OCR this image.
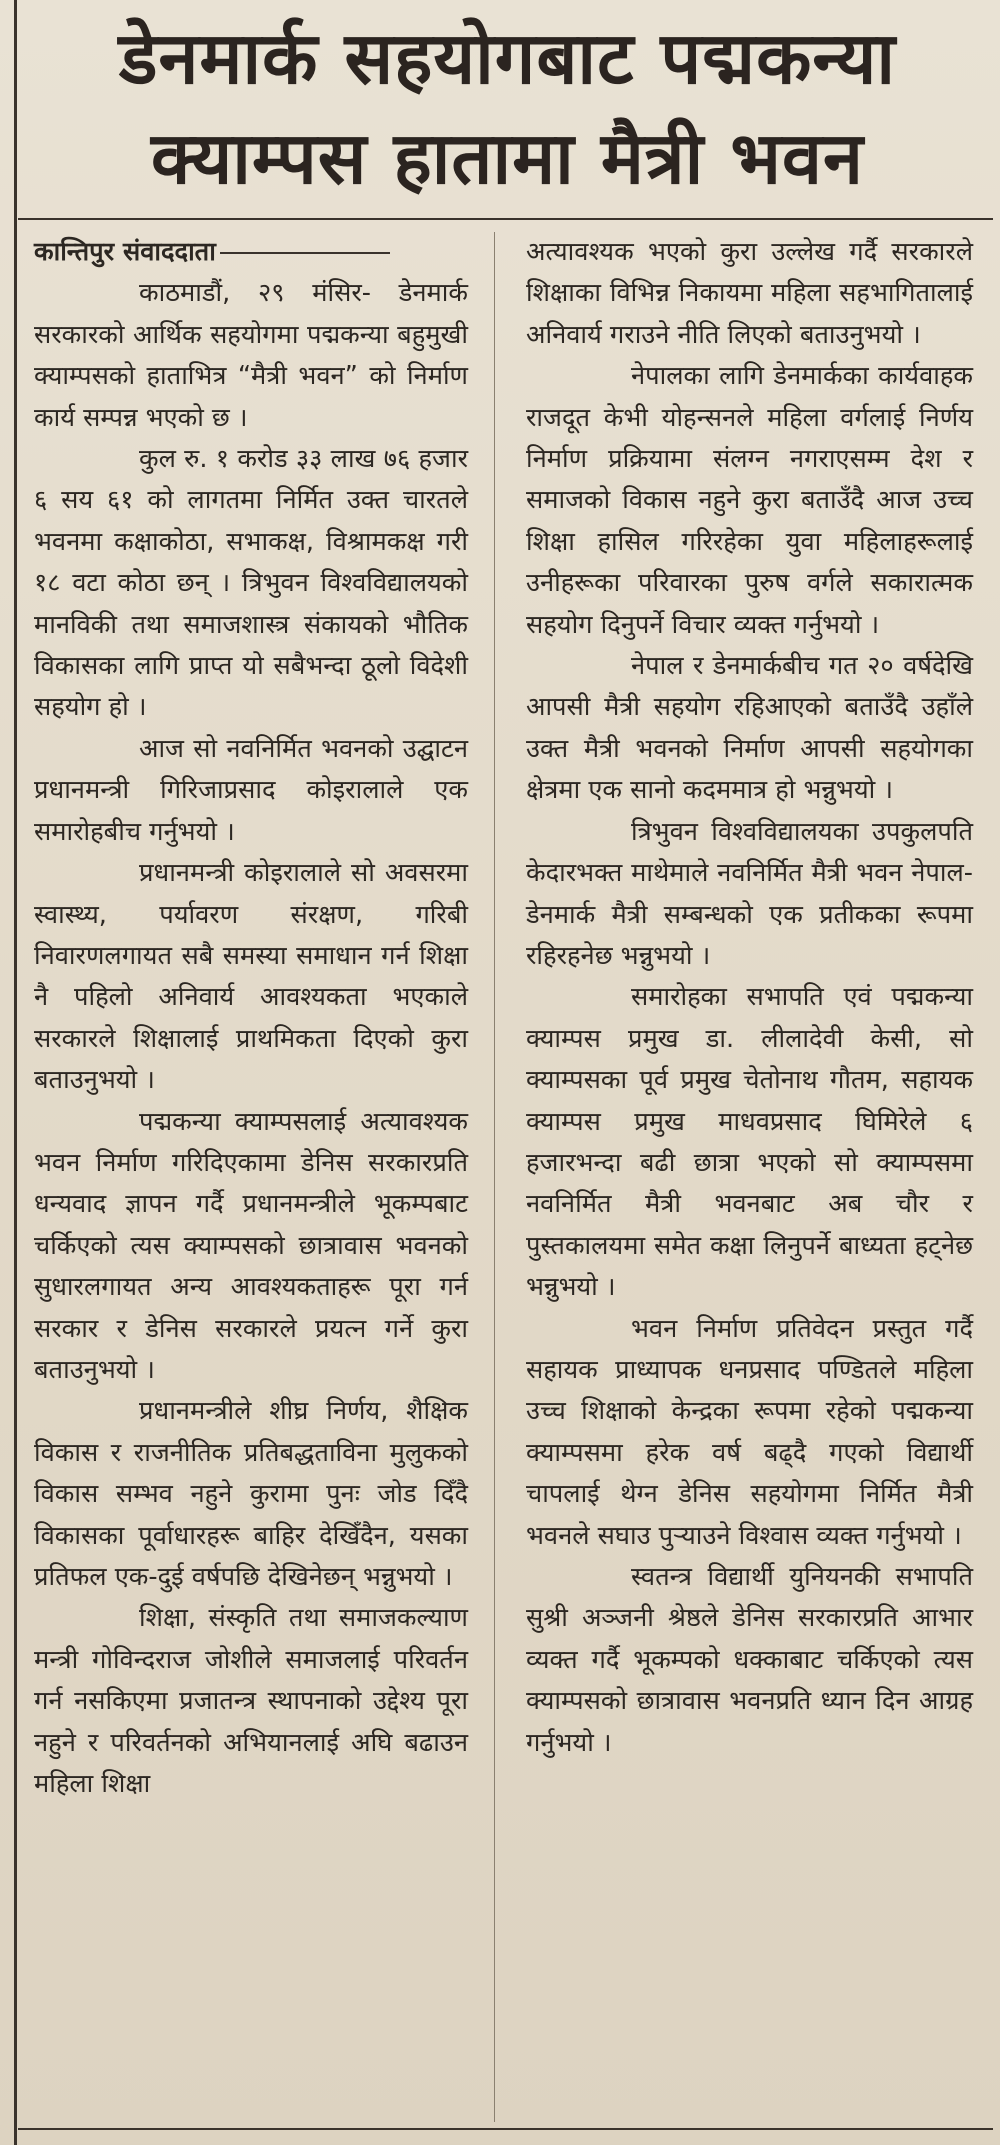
डेनमार्क सहयोगबाट पद्मकन्या
क्याम्पस हातामा मैत्री भवन

कान्तिपुर संवाददाता
काठमाडौं, २९ मंसिर- डेनमार्क सरकारको आर्थिक सहयोगमा पद्मकन्या बहुमुखी क्याम्पसको हाताभित्र “मैत्री भवन” को निर्माण कार्य सम्पन्न भएको छ ।

कुल रु. १ करोड ३३ लाख ७६ हजार ६ सय ६१ को लागतमा निर्मित उक्त चारतले भवनमा कक्षाकोठा, सभाकक्ष, विश्रामकक्ष गरी १८ वटा कोठा छन् । त्रिभुवन विश्वविद्यालयको मानविकी तथा समाजशास्त्र संकायको भौतिक विकासका लागि प्राप्त यो सबैभन्दा ठूलो विदेशी सहयोग हो ।

आज सो नवनिर्मित भवनको उद्घाटन प्रधानमन्त्री गिरिजाप्रसाद कोइरालाले एक समारोहबीच गर्नुभयो ।

प्रधानमन्त्री कोइरालाले सो अवसरमा स्वास्थ्य, पर्यावरण संरक्षण, गरिबी निवारणलगायत सबै समस्या समाधान गर्न शिक्षा नै पहिलो अनिवार्य आवश्यकता भएकाले सरकारले शिक्षालाई प्राथमिकता दिएको कुरा बताउनुभयो ।

पद्मकन्या क्याम्पसलाई अत्यावश्यक भवन निर्माण गरिदिएकामा डेनिस सरकारप्रति धन्यवाद ज्ञापन गर्दै प्रधानमन्त्रीले भूकम्पबाट चर्किएको त्यस क्याम्पसको छात्रावास भवनको सुधारलगायत अन्य आवश्यकताहरू पूरा गर्न सरकार र डेनिस सरकारले प्रयत्न गर्ने कुरा बताउनुभयो ।

प्रधानमन्त्रीले शीघ्र निर्णय, शैक्षिक विकास र राजनीतिक प्रतिबद्धताविना मुलुकको विकास सम्भव नहुने कुरामा पुनः जोड दिँदै विकासका पूर्वाधारहरू बाहिर देखिँदैन, यसका प्रतिफल एक-दुई वर्षपछि देखिनेछन् भन्नुभयो ।

शिक्षा, संस्कृति तथा समाजकल्याण मन्त्री गोविन्दराज जोशीले समाजलाई परिवर्तन गर्न नसकिएमा प्रजातन्त्र स्थापनाको उद्देश्य पूरा नहुने र परिवर्तनको अभियानलाई अघि बढाउन महिला शिक्षा

अत्यावश्यक भएको कुरा उल्लेख गर्दै सरकारले शिक्षाका विभिन्न निकायमा महिला सहभागितालाई अनिवार्य गराउने नीति लिएको बताउनुभयो ।

नेपालका लागि डेनमार्कका कार्यवाहक राजदूत केभी योहन्सनले महिला वर्गलाई निर्णय निर्माण प्रक्रियामा संलग्न नगराएसम्म देश र समाजको विकास नहुने कुरा बताउँदै आज उच्च शिक्षा हासिल गरिरहेका युवा महिलाहरूलाई उनीहरूका परिवारका पुरुष वर्गले सकारात्मक सहयोग दिनुपर्ने विचार व्यक्त गर्नुभयो ।

नेपाल र डेनमार्कबीच गत २० वर्षदेखि आपसी मैत्री सहयोग रहिआएको बताउँदै उहाँले उक्त मैत्री भवनको निर्माण आपसी सहयोगका क्षेत्रमा एक सानो कदममात्र हो भन्नुभयो ।

त्रिभुवन विश्वविद्यालयका उपकुलपति केदारभक्त माथेमाले नवनिर्मित मैत्री भवन नेपाल-डेनमार्क मैत्री सम्बन्धको एक प्रतीकका रूपमा रहिरहनेछ भन्नुभयो ।

समारोहका सभापति एवं पद्मकन्या क्याम्पस प्रमुख डा. लीलादेवी केसी, सो क्याम्पसका पूर्व प्रमुख चेतोनाथ गौतम, सहायक क्याम्पस प्रमुख माधवप्रसाद घिमिरेले ६ हजारभन्दा बढी छात्रा भएको सो क्याम्पसमा नवनिर्मित मैत्री भवनबाट अब चौर र पुस्तकालयमा समेत कक्षा लिनुपर्ने बाध्यता हट्नेछ भन्नुभयो ।

भवन निर्माण प्रतिवेदन प्रस्तुत गर्दै सहायक प्राध्यापक धनप्रसाद पण्डितले महिला उच्च शिक्षाको केन्द्रका रूपमा रहेको पद्मकन्या क्याम्पसमा हरेक वर्ष बढ्दै गएको विद्यार्थी चापलाई थेग्न डेनिस सहयोगमा निर्मित मैत्री भवनले सघाउ पुऱ्याउने विश्वास व्यक्त गर्नुभयो ।

स्वतन्त्र विद्यार्थी युनियनकी सभापति सुश्री अञ्जनी श्रेष्ठले डेनिस सरकारप्रति आभार व्यक्त गर्दै भूकम्पको धक्काबाट चर्किएको त्यस क्याम्पसको छात्रावास भवनप्रति ध्यान दिन आग्रह गर्नुभयो ।
